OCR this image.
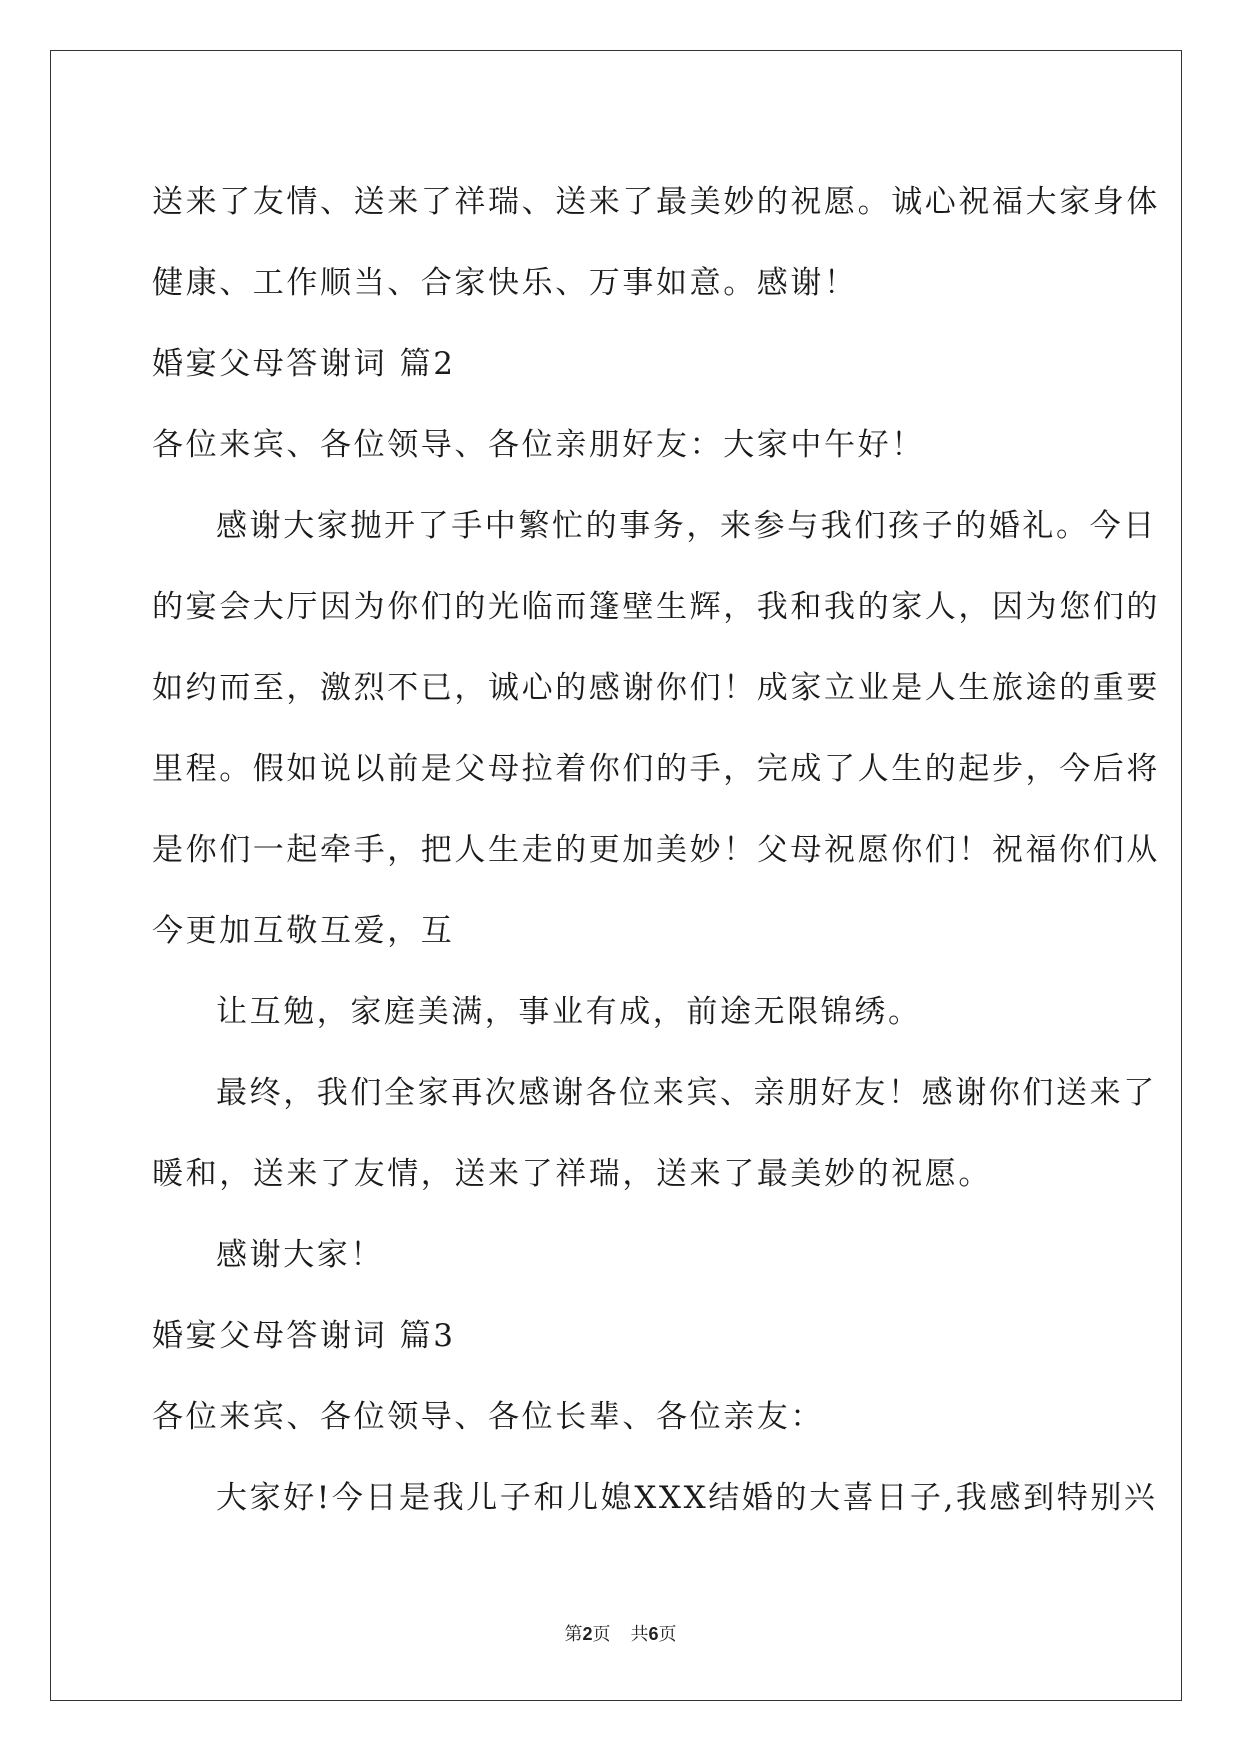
送来了友情、送来了祥瑞、送来了最美妙的祝愿。诚心祝福大家身体
健康、工作顺当、合家快乐、万事如意。感谢！
婚宴父母答谢词 篇2
各位来宾、各位领导、各位亲朋好友：大家中午好！
感谢大家抛开了手中繁忙的事务，来参与我们孩子的婚礼。今日
的宴会大厅因为你们的光临而篷壁生辉，我和我的家人，因为您们的
如约而至，激烈不已，诚心的感谢你们！成家立业是人生旅途的重要
里程。假如说以前是父母拉着你们的手，完成了人生的起步，今后将
是你们一起牵手，把人生走的更加美妙！父母祝愿你们！祝福你们从
今更加互敬互爱，互
让互勉，家庭美满，事业有成，前途无限锦绣。
最终，我们全家再次感谢各位来宾、亲朋好友！感谢你们送来了
暖和，送来了友情，送来了祥瑞，送来了最美妙的祝愿。
感谢大家！
婚宴父母答谢词 篇3
各位来宾、各位领导、各位长辈、各位亲友：
大家好!今日是我儿子和儿媳XXX结婚的大喜日子,我感到特别兴
第2页 共6页
